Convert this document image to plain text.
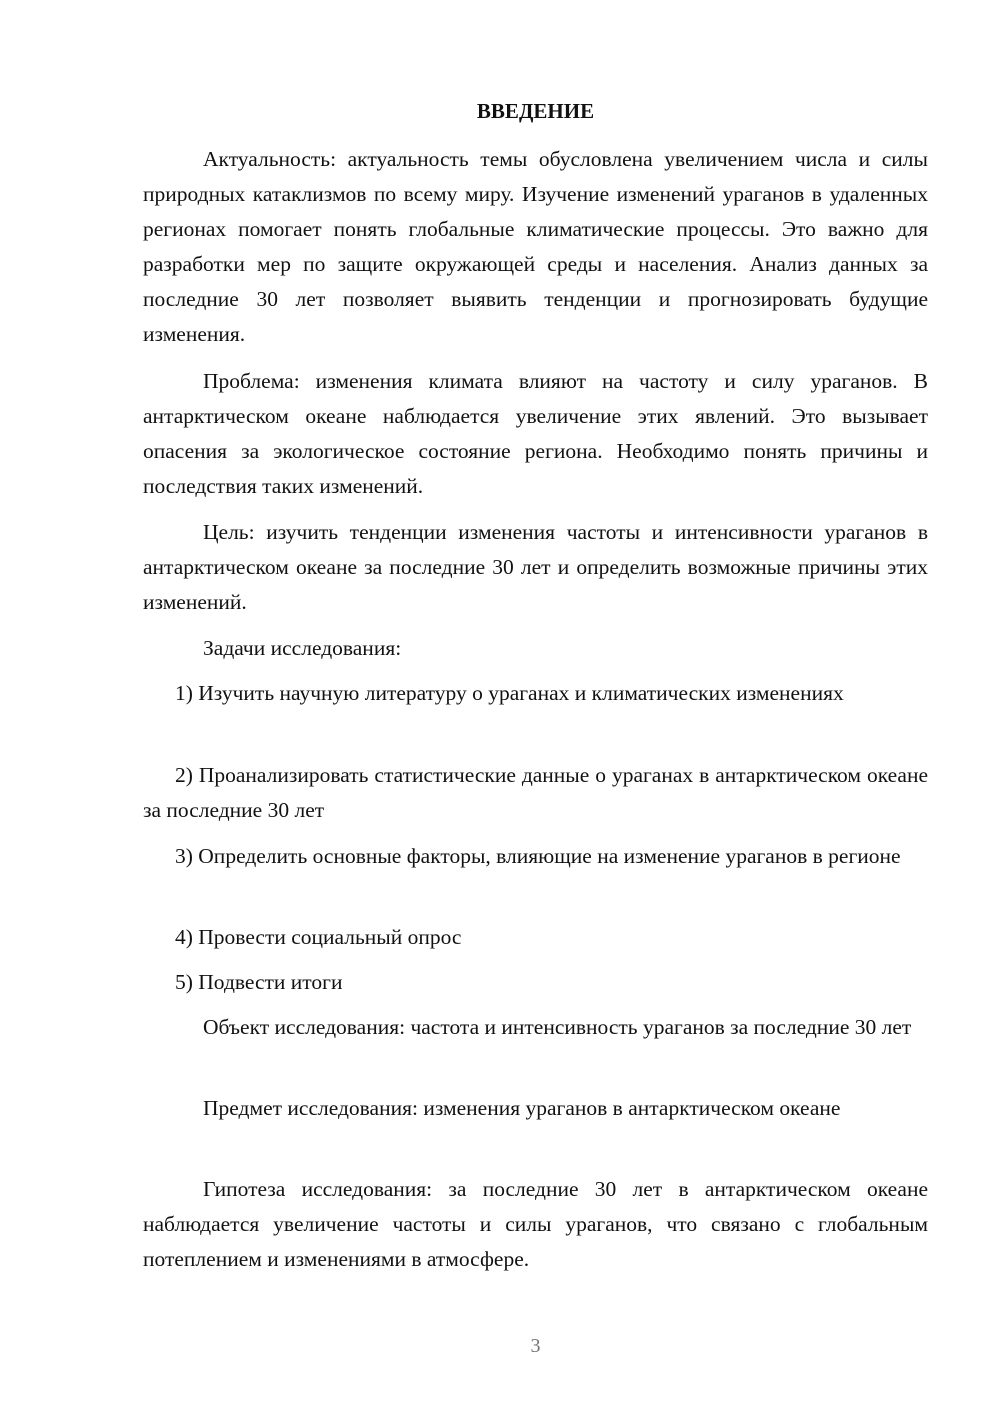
ВВЕДЕНИЕ

Актуальность: актуальность темы обусловлена увеличением числа и силы природных катаклизмов по всему миру. Изучение изменений ураганов в удаленных регионах помогает понять глобальные климатические процессы. Это важно для разработки мер по защите окружающей среды и населения. Анализ данных за последние 30 лет позволяет выявить тенденции и прогнозировать будущие изменения.

Проблема: изменения климата влияют на частоту и силу ураганов. В антарктическом океане наблюдается увеличение этих явлений. Это вызывает опасения за экологическое состояние региона. Необходимо понять причины и последствия таких изменений.

Цель: изучить тенденции изменения частоты и интенсивности ураганов в антарктическом океане за последние 30 лет и определить возможные причины этих изменений.

Задачи исследования:

1) Изучить научную литературу о ураганах и климатических изменениях

2) Проанализировать статистические данные о ураганах в антарктическом океане за последние 30 лет

3) Определить основные факторы, влияющие на изменение ураганов в регионе

4) Провести социальный опрос

5) Подвести итоги

Объект исследования: частота и интенсивность ураганов за последние 30 лет

Предмет исследования: изменения ураганов в антарктическом океане

Гипотеза исследования: за последние 30 лет в антарктическом океане наблюдается увеличение частоты и силы ураганов, что связано с глобальным потеплением и изменениями в атмосфере.

3
